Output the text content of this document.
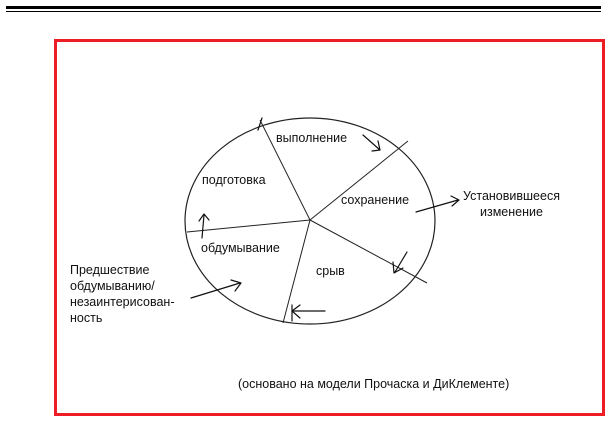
выполнение
сохранение
срыв
обдумывание
подготовка
Предшествие
обдумыванию/
незаинтерисован-
ность
Установившееся
изменение
(основано на модели Прочаска и ДиКлементе)
